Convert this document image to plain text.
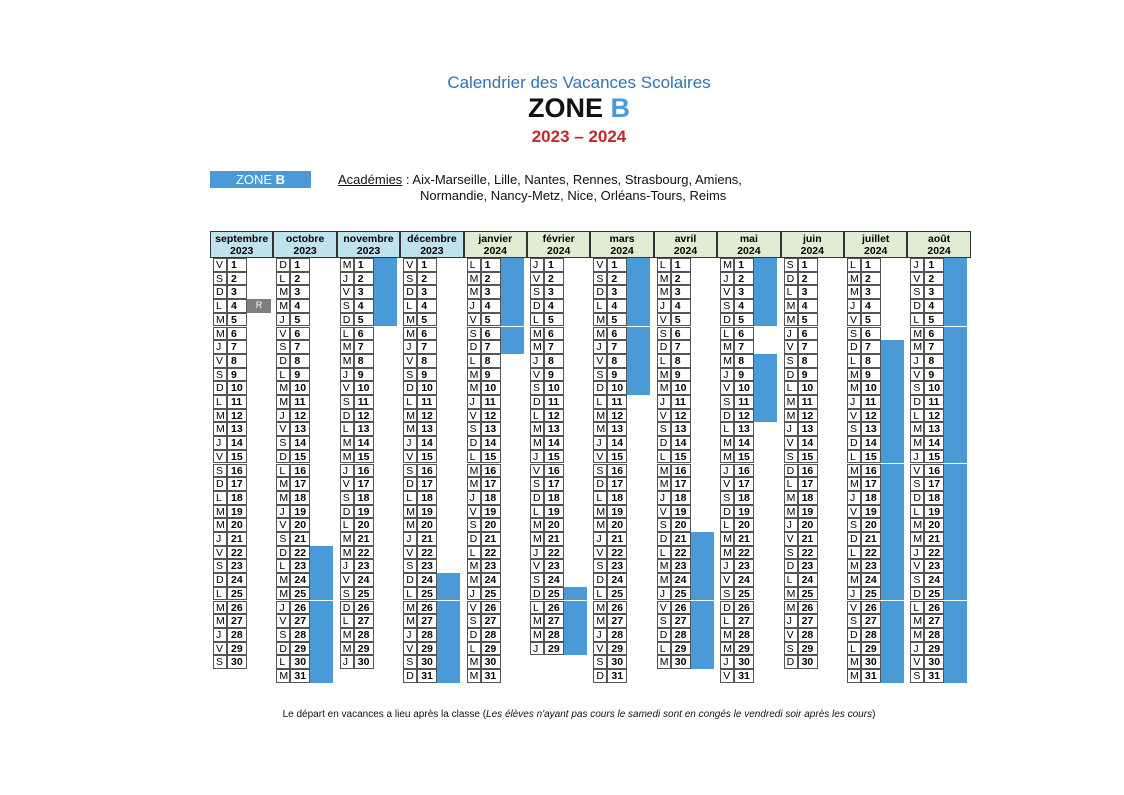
Calendrier des Vacances Scolaires
ZONE B
2023 – 2024
ZONE B	Académies : Aix-Marseille, Lille, Nantes, Rennes, Strasbourg, Amiens,
Normandie, Nancy-Metz, Nice, Orléans-Tours, Reims
septembre
2023
V 1
S 2
D 3
L 4	R
M 5
M 6
J 7
V 8
S 9
D 10
L 11
M 12
M 13
J 14
V 15
S 16
D 17
L 18
M 19
M 20
J 21
V 22
S 23
D 24
L 25
M 26
M 27
J 28
V 29
S 30
octobre
2023
D 1
L 2
M 3
M 4
J 5
V 6
S 7
D 8
L 9
M 10
M 11
J 12
V 13
S 14
D 15
L 16
M 17
M 18
J 19
V 20
S 21
D 22
L 23
M 24
M 25
J 26
V 27
S 28
D 29
L 30
M 31
novembre
2023
M 1
J 2
V 3
S 4
D 5
L 6
M 7
M 8
J 9
V 10
S 11
D 12
L 13
M 14
M 15
J 16
V 17
S 18
D 19
L 20
M 21
M 22
J 23
V 24
S 25
D 26
L 27
M 28
M 29
J 30
décembre
2023
V 1
S 2
D 3
L 4
M 5
M 6
J 7
V 8
S 9
D 10
L 11
M 12
M 13
J 14
V 15
S 16
D 17
L 18
M 19
M 20
J 21
V 22
S 23
D 24
L 25
M 26
M 27
J 28
V 29
S 30
D 31
janvier
2024
L 1
M 2
M 3
J 4
V 5
S 6
D 7
L 8
M 9
M 10
J 11
V 12
S 13
D 14
L 15
M 16
M 17
J 18
V 19
S 20
D 21
L 22
M 23
M 24
J 25
V 26
S 27
D 28
L 29
M 30
M 31
février
2024
J 1
V 2
S 3
D 4
L 5
M 6
M 7
J 8
V 9
S 10
D 11
L 12
M 13
M 14
J 15
V 16
S 17
D 18
L 19
M 20
M 21
J 22
V 23
S 24
D 25
L 26
M 27
M 28
J 29
mars
2024
V 1
S 2
D 3
L 4
M 5
M 6
J 7
V 8
S 9
D 10
L 11
M 12
M 13
J 14
V 15
S 16
D 17
L 18
M 19
M 20
J 21
V 22
S 23
D 24
L 25
M 26
M 27
J 28
V 29
S 30
D 31
avril
2024
L 1
M 2
M 3
J 4
V 5
S 6
D 7
L 8
M 9
M 10
J 11
V 12
S 13
D 14
L 15
M 16
M 17
J 18
V 19
S 20
D 21
L 22
M 23
M 24
J 25
V 26
S 27
D 28
L 29
M 30
mai
2024
M 1
J 2
V 3
S 4
D 5
L 6
M 7
M 8
J 9
V 10
S 11
D 12
L 13
M 14
M 15
J 16
V 17
S 18
D 19
L 20
M 21
M 22
J 23
V 24
S 25
D 26
L 27
M 28
M 29
J 30
V 31
juin
2024
S 1
D 2
L 3
M 4
M 5
J 6
V 7
S 8
D 9
L 10
M 11
M 12
J 13
V 14
S 15
D 16
L 17
M 18
M 19
J 20
V 21
S 22
D 23
L 24
M 25
M 26
J 27
V 28
S 29
D 30
juillet
2024
L 1
M 2
M 3
J 4
V 5
S 6
D 7
L 8
M 9
M 10
J 11
V 12
S 13
D 14
L 15
M 16
M 17
J 18
V 19
S 20
D 21
L 22
M 23
M 24
J 25
V 26
S 27
D 28
L 29
M 30
M 31
août
2024
J 1
V 2
S 3
D 4
L 5
M 6
M 7
J 8
V 9
S 10
D 11
L 12
M 13
M 14
J 15
V 16
S 17
D 18
L 19
M 20
M 21
J 22
V 23
S 24
D 25
L 26
M 27
M 28
J 29
V 30
S 31
Le départ en vacances a lieu après la classe (Les élèves n'ayant pas cours le samedi sont en congés le vendredi soir après les cours)
